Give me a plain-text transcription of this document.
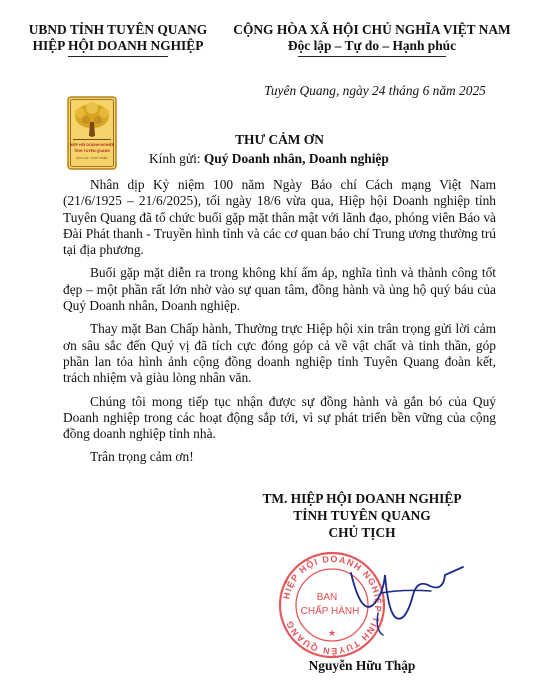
UBND TỈNH TUYÊN QUANG
HIỆP HỘI DOANH NGHIỆP
CỘNG HÒA XÃ HỘI CHỦ NGHĨA VIỆT NAM
Độc lập – Tự do – Hạnh phúc
Tuyên Quang, ngày 24 tháng 6 năm 2025
HIỆP HỘI DOANH NGHIỆP
TỈNH TUYÊN QUANG
ĐỘC LẬP - PHÁT TRIỂN
THƯ CẢM ƠN
Kính gửi: Quý Doanh nhân, Doanh nghiệp

Nhân dịp Kỷ niệm 100 năm Ngày Báo chí Cách mạng Việt Nam (21/6/1925 – 21/6/2025), tối ngày 18/6 vừa qua, Hiệp hội Doanh nghiệp tỉnh Tuyên Quang đã tổ chức buổi gặp mặt thân mật với lãnh đạo, phóng viên Báo và Đài Phát thanh - Truyền hình tỉnh và các cơ quan báo chí Trung ương thường trú tại địa phương.

Buổi gặp mặt diễn ra trong không khí ấm áp, nghĩa tình và thành công tốt đẹp – một phần rất lớn nhờ vào sự quan tâm, đồng hành và ủng hộ quý báu của Quý Doanh nhân, Doanh nghiệp.

Thay mặt Ban Chấp hành, Thường trực Hiệp hội xin trân trọng gửi lời cảm ơn sâu sắc đến Quý vị đã tích cực đóng góp cả về vật chất và tinh thần, góp phần lan tỏa hình ảnh cộng đồng doanh nghiệp tỉnh Tuyên Quang đoàn kết, trách nhiệm và giàu lòng nhân văn.

Chúng tôi mong tiếp tục nhận được sự đồng hành và gắn bó của Quý Doanh nghiệp trong các hoạt động sắp tới, vì sự phát triển bền vững của cộng đồng doanh nghiệp tỉnh nhà.

Trân trọng cảm ơn!

TM. HIỆP HỘI DOANH NGHIỆP
TỈNH TUYÊN QUANG
CHỦ TỊCH
HIỆP HỘI DOANH NGHIỆP TỈNH TUYÊN QUANG
BAN
CHẤP HÀNH
★
Nguyễn Hữu Thập
